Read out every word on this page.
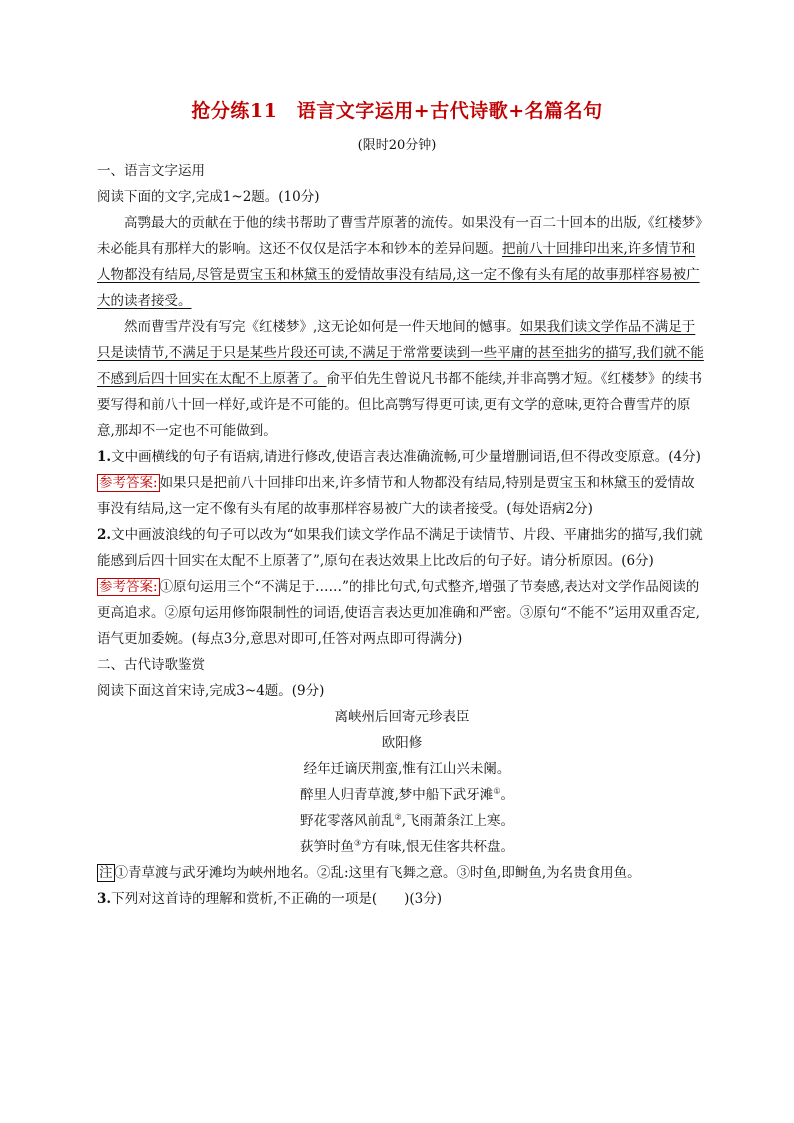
抢分练11　语言文字运用+古代诗歌+名篇名句
(限时20分钟)

一、语言文字运用

阅读下面的文字,完成1~2题。(10分)

高鹗最大的贡献在于他的续书帮助了曹雪芹原著的流传。如果没有一百二十回本的出版,《红楼梦》未必能具有那样大的影响。这还不仅仅是活字本和钞本的差异问题。把前八十回排印出来,许多情节和人物都没有结局,尽管是贾宝玉和林黛玉的爱情故事没有结局,这一定不像有头有尾的故事那样容易被广大的读者接受。

然而曹雪芹没有写完《红楼梦》,这无论如何是一件天地间的憾事。如果我们读文学作品不满足于只是读情节,不满足于只是某些片段还可读,不满足于常常要读到一些平庸的甚至拙劣的描写,我们就不能不感到后四十回实在太配不上原著了。俞平伯先生曾说凡书都不能续,并非高鹗才短。《红楼梦》的续书要写得和前八十回一样好,或许是不可能的。但比高鹗写得更可读,更有文学的意味,更符合曹雪芹的原意,那却不一定也不可能做到。

1.文中画横线的句子有语病,请进行修改,使语言表达准确流畅,可少量增删词语,但不得改变原意。(4分)

参考答案: 如果只是把前八十回排印出来,许多情节和人物都没有结局,特别是贾宝玉和林黛玉的爱情故事没有结局,这一定不像有头有尾的故事那样容易被广大的读者接受。(每处语病2分)

2.文中画波浪线的句子可以改为“如果我们读文学作品不满足于读情节、片段、平庸拙劣的描写,我们就能感到后四十回实在太配不上原著了”,原句在表达效果上比改后的句子好。请分析原因。(6分)

参考答案: ①原句运用三个“不满足于……”的排比句式,句式整齐,增强了节奏感,表达对文学作品阅读的更高追求。②原句运用修饰限制性的词语,使语言表达更加准确和严密。③原句“不能不”运用双重否定,语气更加委婉。(每点3分,意思对即可,任答对两点即可得满分)

二、古代诗歌鉴赏

阅读下面这首宋诗,完成3~4题。(9分)

离峡州后回寄元珍表臣

欧阳修

经年迁谪厌荆蛮,惟有江山兴未阑。

醉里人归青草渡,梦中船下武牙滩①。

野花零落风前乱②,飞雨萧条江上寒。

荻笋时鱼③方有味,恨无佳客共杯盘。

注 ①青草渡与武牙滩均为峡州地名。②乱:这里有飞舞之意。③时鱼,即鲥鱼,为名贵食用鱼。

3.下列对这首诗的理解和赏析,不正确的一项是(　　)(3分)
